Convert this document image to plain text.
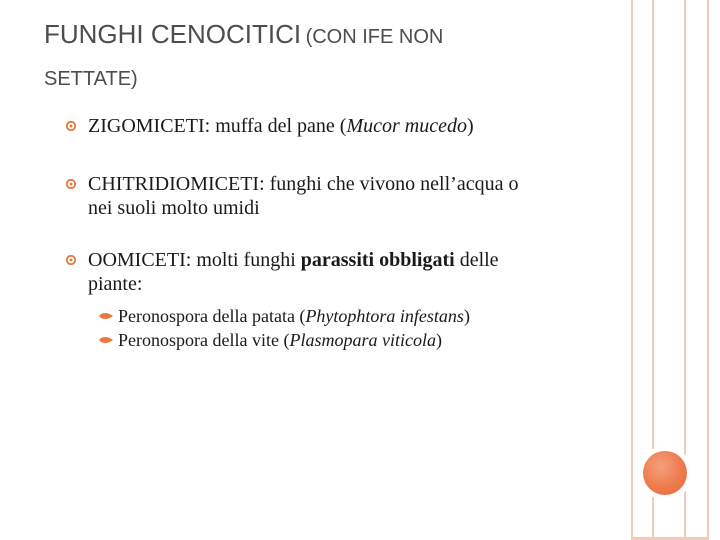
FUNGHI CENOCITICI (CON IFE NON
SETTATE)
ZIGOMICETI: muffa del pane (Mucor mucedo)
CHITRIDIOMICETI: funghi che vivono nell’acqua o
nei suoli molto umidi
OOMICETI: molti funghi parassiti obbligati delle
piante:
Peronospora della patata (Phytophtora infestans)
Peronospora della vite (Plasmopara viticola)
